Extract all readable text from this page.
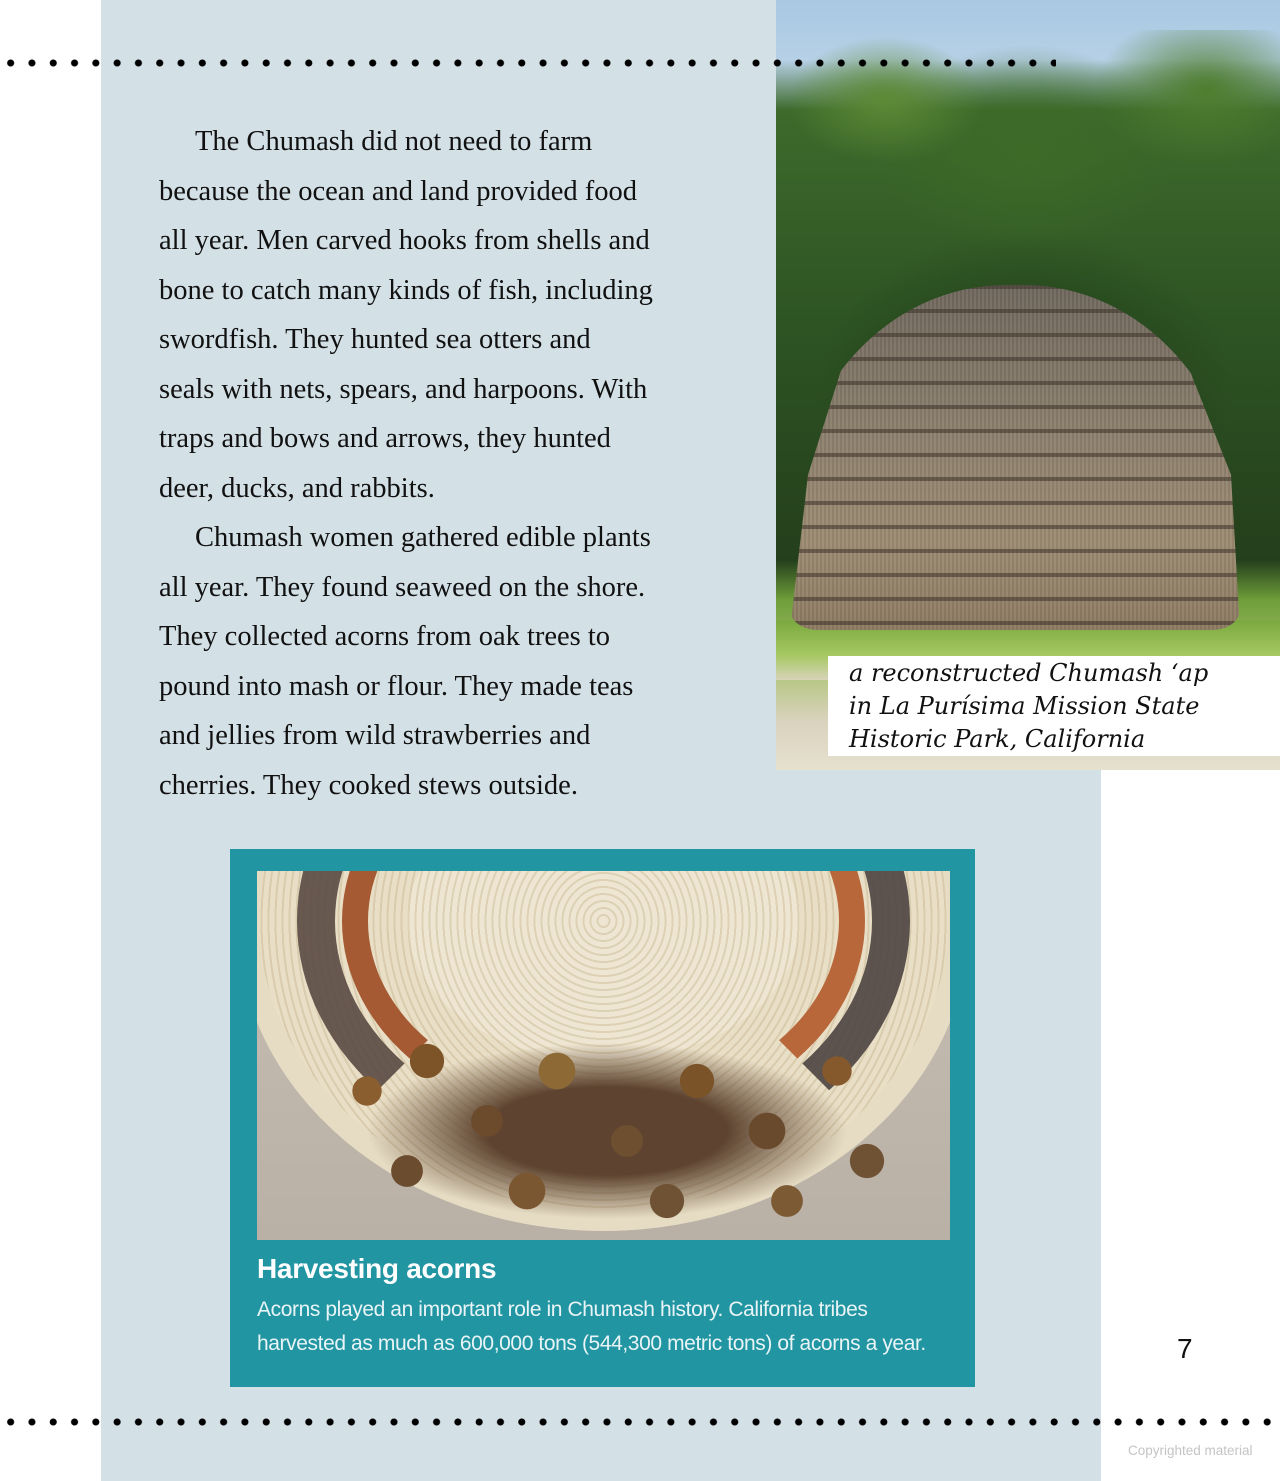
a reconstructed Chumash ‘ap

in La Purísima Mission State

Historic Park, California

The Chumash did not need to farm
because the ocean and land provided food
all year. Men carved hooks from shells and
bone to catch many kinds of fish, including
swordfish. They hunted sea otters and
seals with nets, spears, and harpoons. With
traps and bows and arrows, they hunted
deer, ducks, and rabbits.

Chumash women gathered edible plants
all year. They found seaweed on the shore.
They collected acorns from oak trees to
pound into mash or flour. They made teas
and jellies from wild strawberries and
cherries. They cooked stews outside.

Harvesting acorns
Acorns played an important role in Chumash history. California tribes
harvested as much as 600,000 tons (544,300 metric tons) of acorns a year.	7
Copyrighted material
